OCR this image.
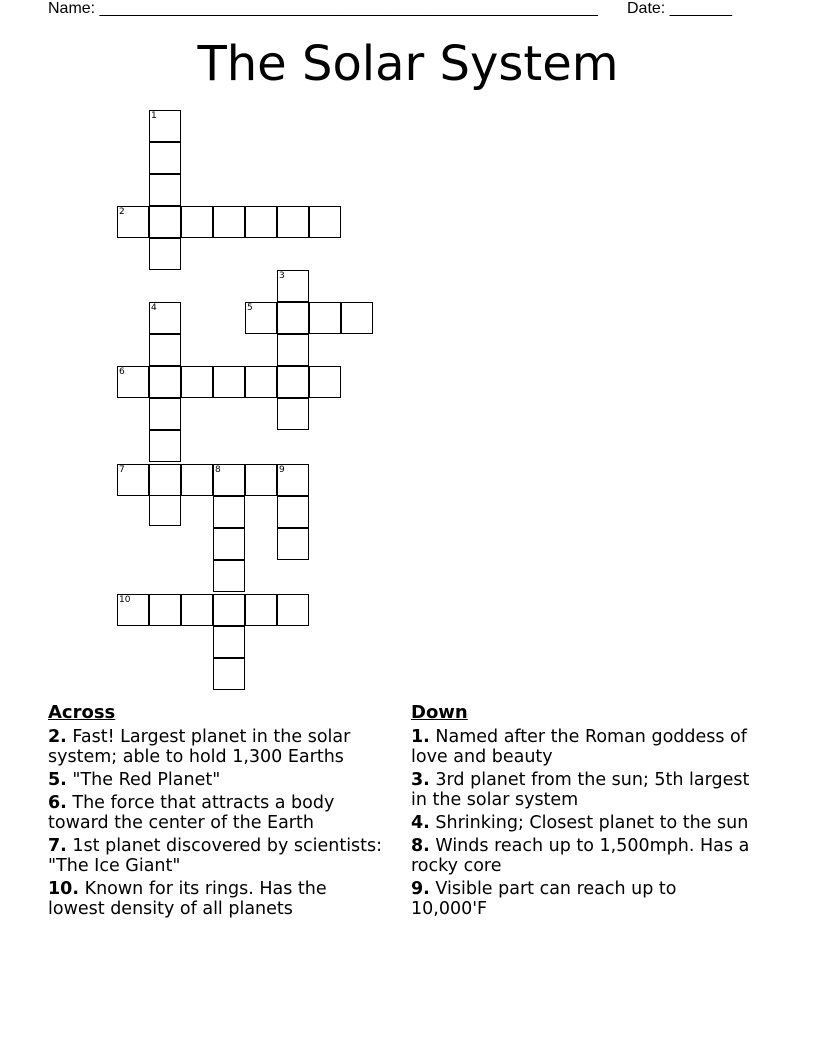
Name: ________________________________________________________ Date: _______
The Solar System
1
2
3
4	5
6
7	8	9
10
Across
2. Fast! Largest planet in the solar system; able to hold 1,300 Earths
5. "The Red Planet"
6. The force that attracts a body toward the center of the Earth
7. 1st planet discovered by scientists: "The Ice Giant"
10. Known for its rings. Has the lowest density of all planets
Down
1. Named after the Roman goddess of love and beauty
3. 3rd planet from the sun; 5th largest in the solar system
4. Shrinking; Closest planet to the sun
8. Winds reach up to 1,500mph. Has a rocky core
9. Visible part can reach up to 10,000'F
